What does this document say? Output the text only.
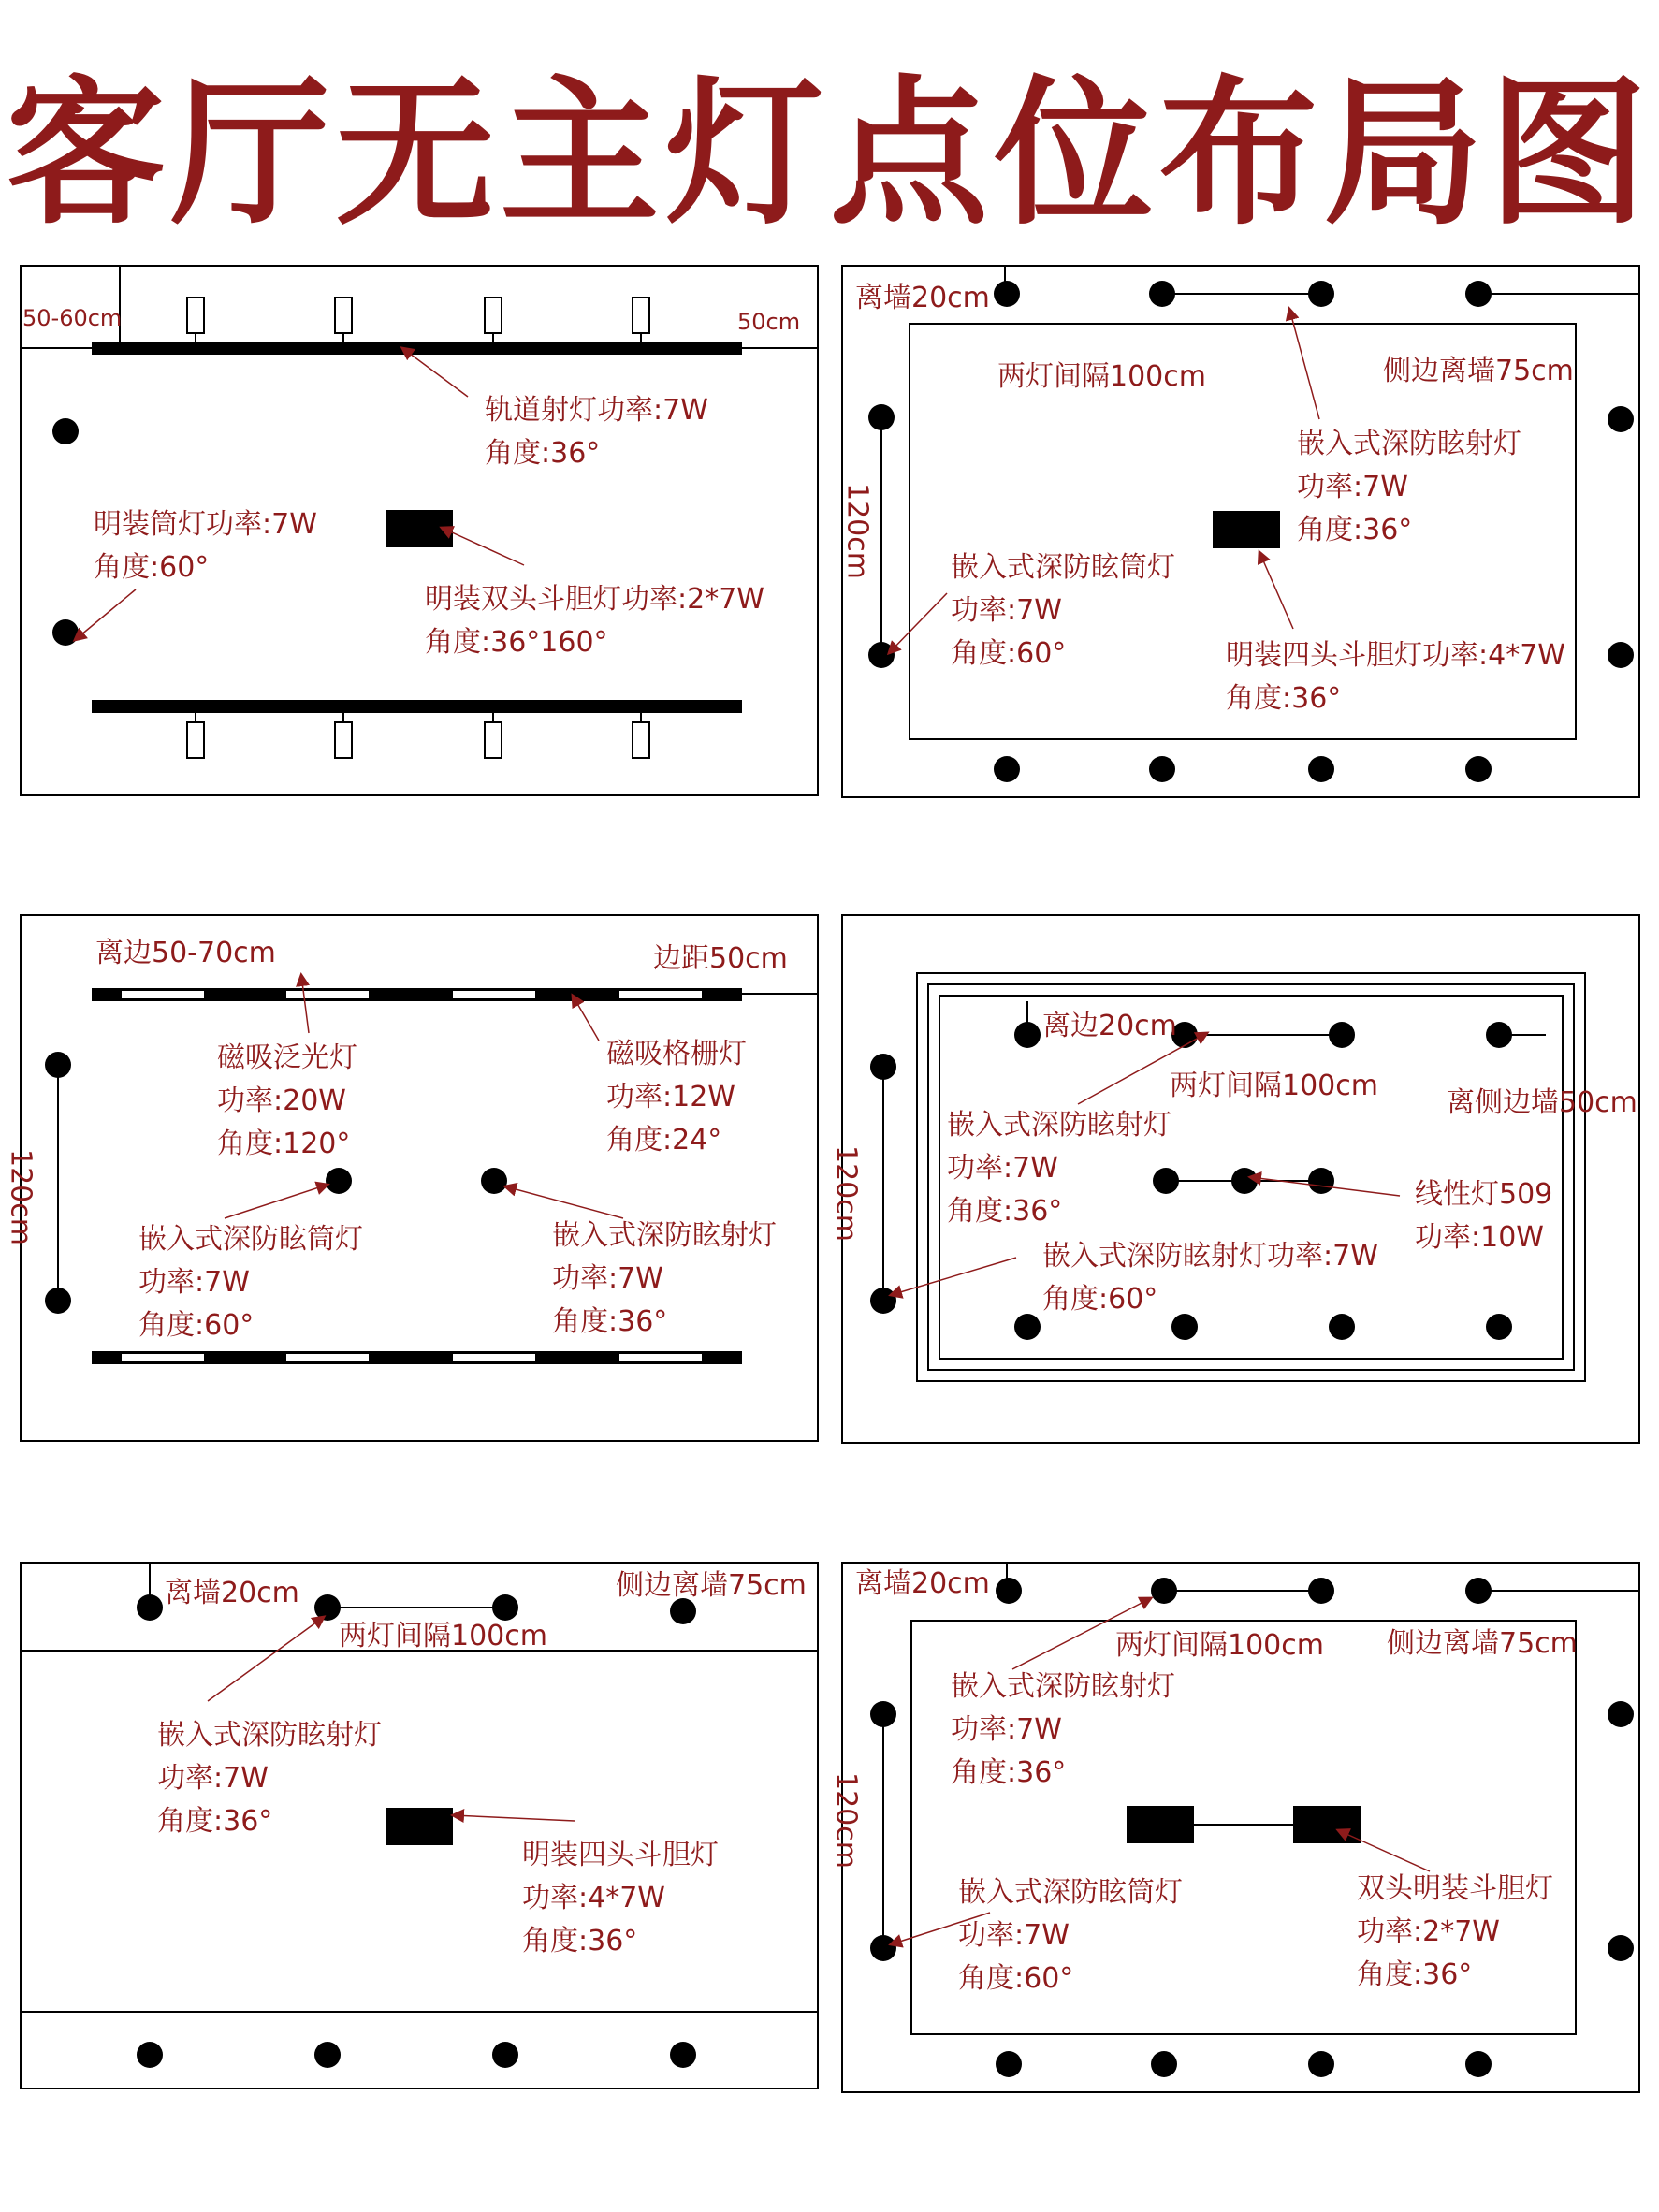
客厅无主灯点位布局图
50-60cm	50cm
轨道射灯功率:7W
角度:36°
明装筒灯功率:7W
角度:60°
明装双头斗胆灯功率:2*7W
角度:36°160°
离墙20cm
两灯间隔100cm	侧边离墙75cm
嵌入式深防眩射灯
功率:7W
角度:36°
嵌入式深防眩筒灯
功率:7W
角度:60°	明装四头斗胆灯功率:4*7W
角度:36°
120cm
离边50-70cm	边距50cm
磁吸泛光灯
功率:20W
角度:120°
磁吸格栅灯
功率:12W
角度:24°
嵌入式深防眩筒灯
功率:7W
角度:60°
嵌入式深防眩射灯
功率:7W
角度:36°
120cm
离边20cm
两灯间隔100cm
离侧边墙50cm
嵌入式深防眩射灯
功率:7W
角度:36°
线性灯509
功率:10W
嵌入式深防眩射灯功率:7W
角度:60°
120cm
离墙20cm
两灯间隔100cm
侧边离墙75cm
嵌入式深防眩射灯
功率:7W
角度:36°
明装四头斗胆灯
功率:4*7W
角度:36°
离墙20cm
两灯间隔100cm 侧边离墙75cm
嵌入式深防眩射灯
功率:7W
角度:36°
嵌入式深防眩筒灯
功率:7W
角度:60°
双头明装斗胆灯
功率:2*7W
角度:36°
120cm
